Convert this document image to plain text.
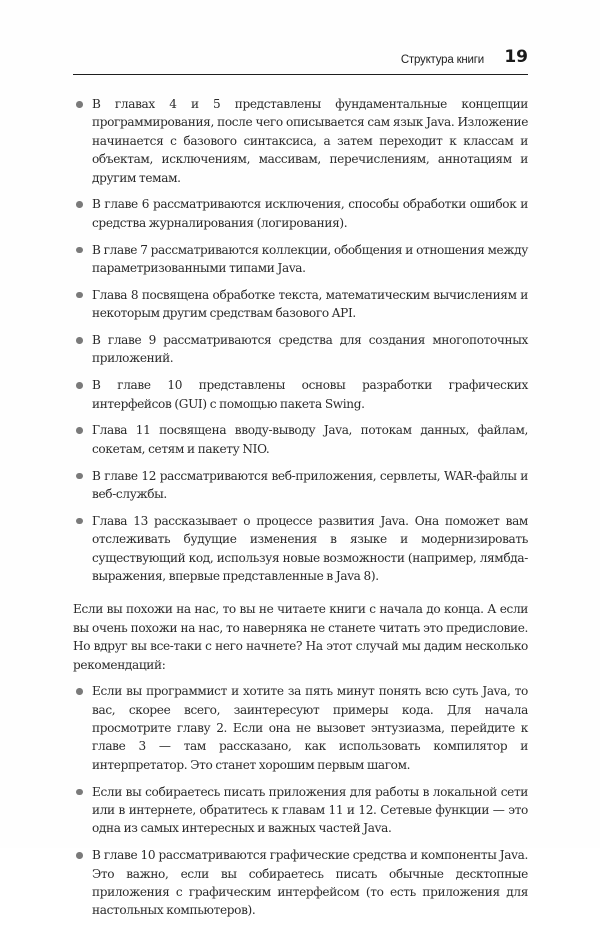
Структура книги 19
В главах 4 и 5 представлены фундаментальные концепции программирования, после чего описывается сам язык Java. Изложение начинается с базового синтаксиса, а затем переходит к классам и объектам, исключениям, массивам, перечислениям, аннотациям и другим темам.
В главе 6 рассматриваются исключения, способы обработки ошибок и средства журналирования (логирования).
В главе 7 рассматриваются коллекции, обобщения и отношения между параметризованными типами Java.
Глава 8 посвящена обработке текста, математическим вычислениям и некоторым другим средствам базового API.
В главе 9 рассматриваются средства для создания многопоточных приложений.
В главе 10 представлены основы разработки графических интерфейсов (GUI) с помощью пакета Swing.
Глава 11 посвящена вводу-выводу Java, потокам данных, файлам, сокетам, сетям и пакету NIO.
В главе 12 рассматриваются веб-приложения, сервлеты, WAR-файлы и веб-службы.
Глава 13 рассказывает о процессе развития Java. Она поможет вам отслеживать будущие изменения в языке и модернизировать существующий код, используя новые возможности (например, лямбда-выражения, впервые представленные в Java 8).

Если вы похожи на нас, то вы не читаете книги с начала до конца. А если вы очень похожи на нас, то наверняка не станете читать это предисловие. Но вдруг вы все-таки с него начнете? На этот случай мы дадим несколько рекомендаций:

Если вы программист и хотите за пять минут понять всю суть Java, то вас, скорее всего, заинтересуют примеры кода. Для начала просмотрите главу 2. Если она не вызовет энтузиазма, перейдите к главе 3 — там рассказано, как использовать компилятор и интерпретатор. Это станет хорошим первым шагом.
Если вы собираетесь писать приложения для работы в локальной сети или в интернете, обратитесь к главам 11 и 12. Сетевые функции — это одна из самых интересных и важных частей Java.
В главе 10 рассматриваются графические средства и компоненты Java. Это важно, если вы собираетесь писать обычные десктопные приложения с графическим интерфейсом (то есть приложения для настольных компьютеров).
